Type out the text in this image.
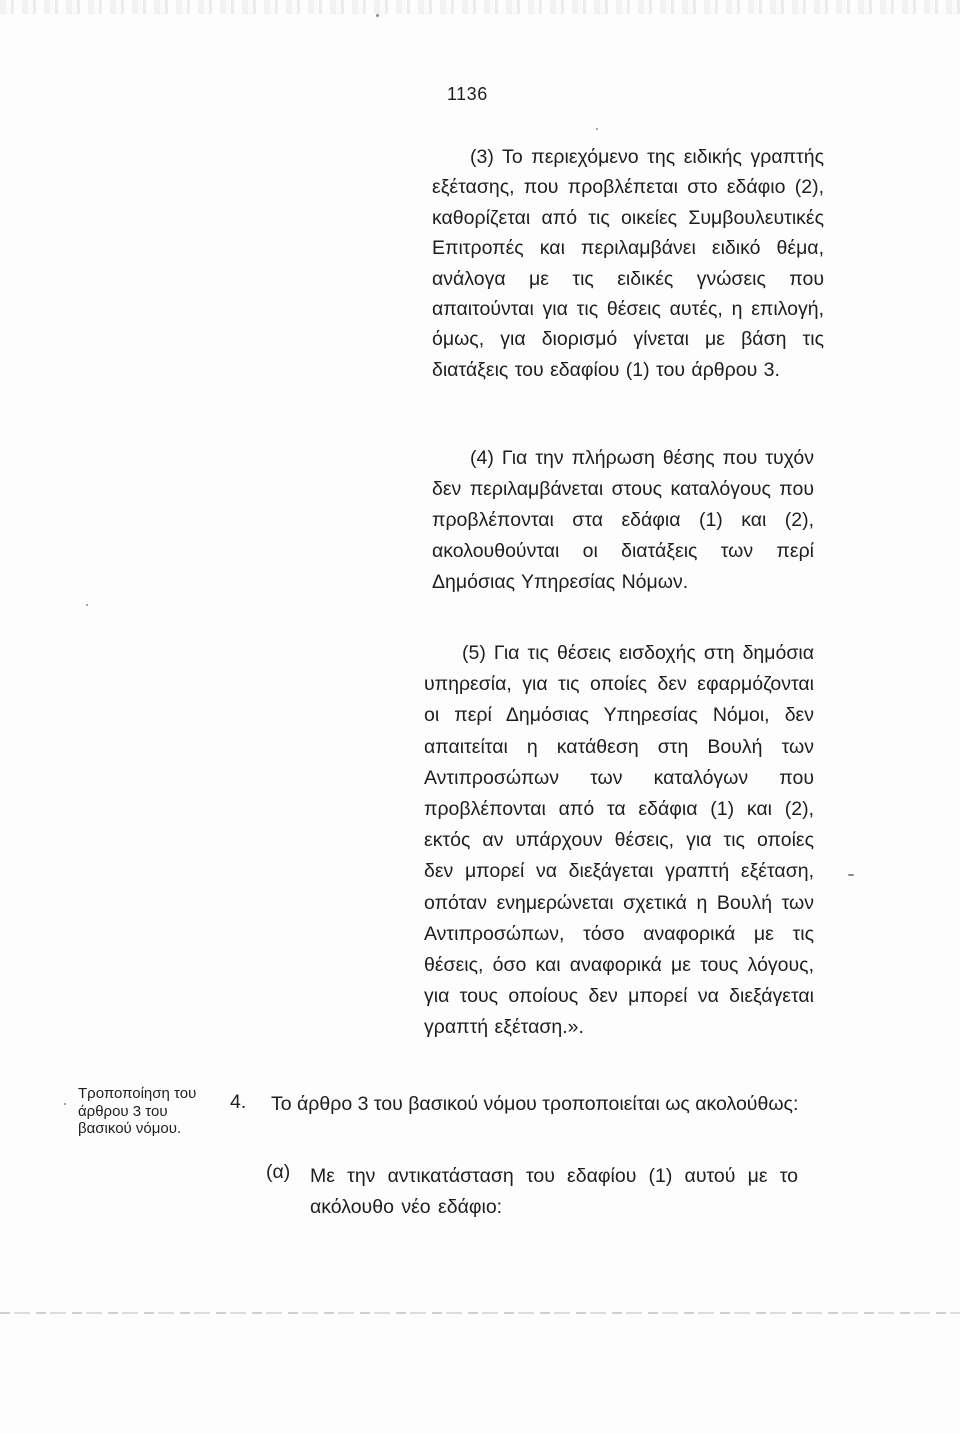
1136

(3) Το περιεχόμενο της ειδικής γραπτής εξέτασης, που προβλέπεται στο εδάφιο (2), καθορίζεται από τις οικείες Συμβουλευτικές Επιτροπές και περιλαμβάνει ειδικό θέμα, ανάλογα με τις ειδικές γνώσεις που απαιτούνται για τις θέσεις αυτές, η επιλογή, όμως, για διορισμό γίνεται με βάση τις διατάξεις του εδαφίου (1) του άρθρου 3.

(4) Για την πλήρωση θέσης που τυχόν δεν περιλαμβάνεται στους καταλόγους που προβλέπονται στα εδάφια (1) και (2), ακολουθούνται οι διατάξεις των περί Δημόσιας Υπηρεσίας Νόμων.

(5) Για τις θέσεις εισδοχής στη δημόσια υπηρεσία, για τις οποίες δεν εφαρμόζονται οι περί Δημόσιας Υπηρεσίας Νόμοι, δεν απαιτείται η κατάθεση στη Βουλή των Αντιπροσώπων των καταλόγων που προβλέπονται από τα εδάφια (1) και (2), εκτός αν υπάρχουν θέσεις, για τις οποίες δεν μπορεί να διεξάγεται γραπτή εξέταση, οπόταν ενημερώνεται σχετικά η Βουλή των Αντιπροσώπων, τόσο αναφορικά με τις θέσεις, όσο και αναφορικά με τους λόγους, για τους οποίους δεν μπορεί να διεξάγεται γραπτή εξέταση.».

Τροποποίηση του άρθρου 3 του βασικού νόμου.
4. Το άρθρο 3 του βασικού νόμου τροποποιείται ως ακολούθως:
(α) Με την αντικατάσταση του εδαφίου (1) αυτού με το ακόλουθο νέο εδάφιο:
